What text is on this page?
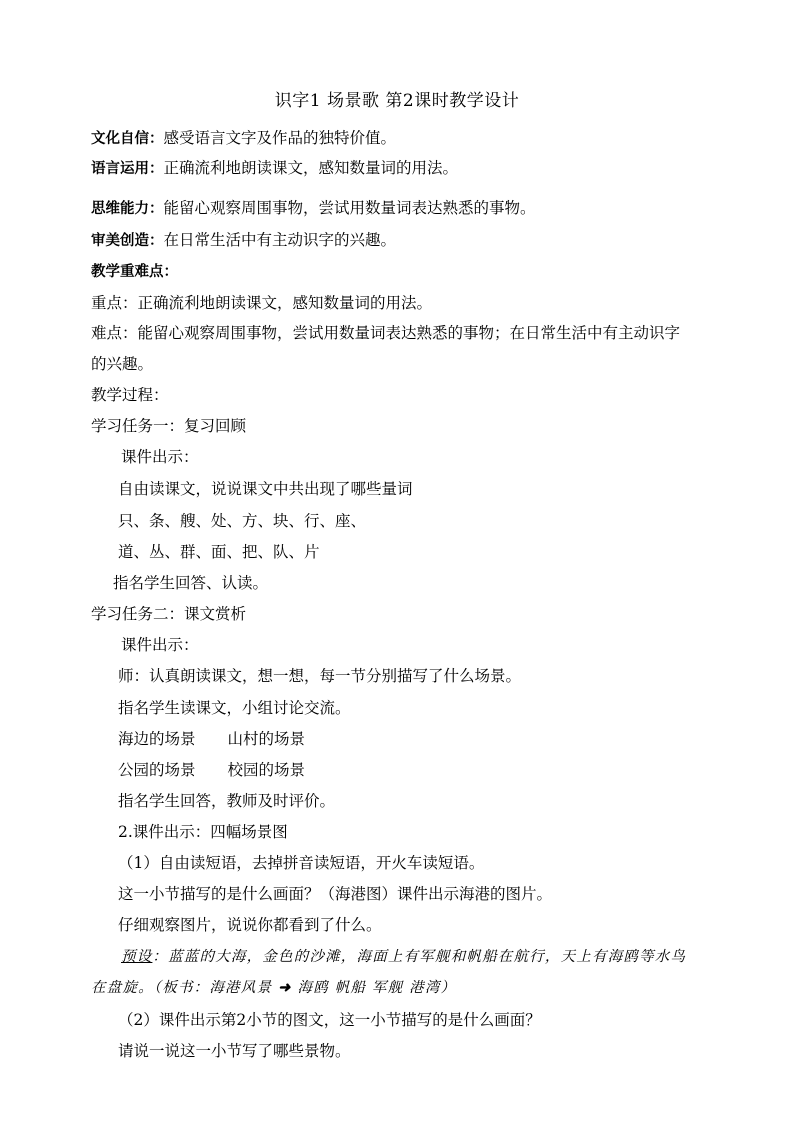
识字1 场景歌 第2课时教学设计
文化自信：感受语言文字及作品的独特价值。
语言运用：正确流利地朗读课文，感知数量词的用法。
思维能力：能留心观察周围事物，尝试用数量词表达熟悉的事物。
审美创造：在日常生活中有主动识字的兴趣。
教学重难点：
重点：正确流利地朗读课文，感知数量词的用法。
难点：能留心观察周围事物，尝试用数量词表达熟悉的事物；在日常生活中有主动识字
的兴趣。
教学过程：
学习任务一：复习回顾
课件出示：
自由读课文，说说课文中共出现了哪些量词
只、条、艘、处、方、块、行、座、
道、丛、群、面、把、队、片
指名学生回答、认读。
学习任务二：课文赏析
课件出示：
师：认真朗读课文，想一想，每一节分别描写了什么场景。
指名学生读课文，小组讨论交流。
海边的场景 山村的场景
公园的场景 校园的场景
指名学生回答，教师及时评价。
2.课件出示：四幅场景图
（1）自由读短语，去掉拼音读短语，开火车读短语。
这一小节描写的是什么画面？（海港图）课件出示海港的图片。
仔细观察图片，说说你都看到了什么。
预设：蓝蓝的大海，金色的沙滩，海面上有军舰和帆船在航行，天上有海鸥等水鸟
在盘旋。（板书：海港风景 ➜ 海鸥 帆船 军舰 港湾）
（2）课件出示第2小节的图文，这一小节描写的是什么画面？
请说一说这一小节写了哪些景物。
